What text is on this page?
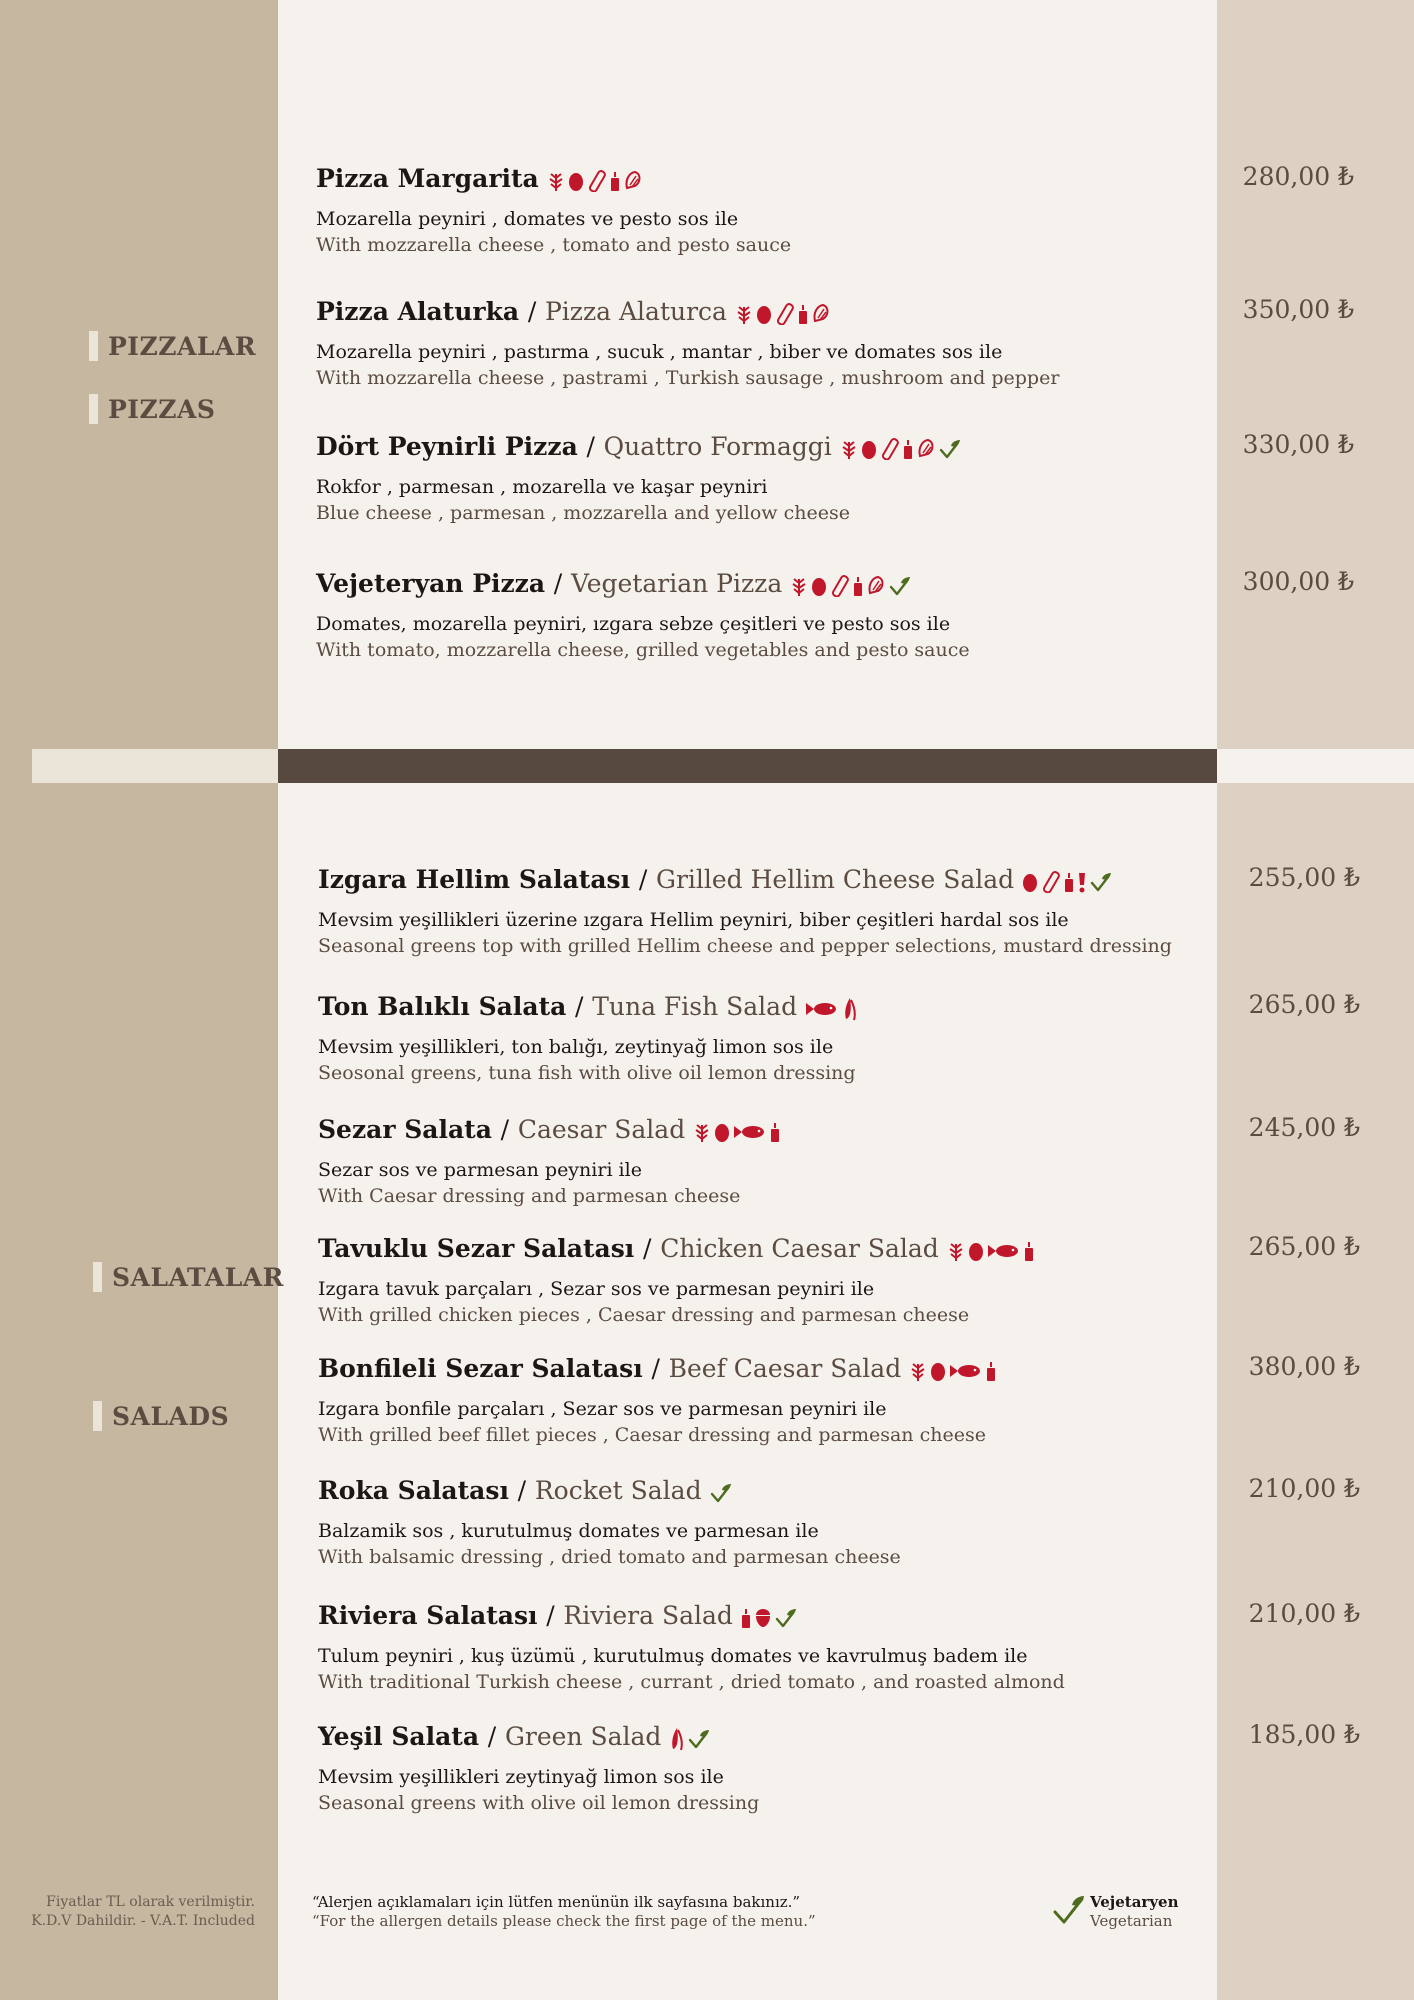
PIZZALAR
PIZZAS
SALATALAR
SALADS
Pizza Margarita
Mozarella peyniri , domates ve pesto sos ile
With mozzarella cheese , tomato and pesto sauce
280,00 ₺
Pizza Alaturka / Pizza Alaturca
Mozarella peyniri , pastırma , sucuk , mantar , biber ve domates sos ile
With mozzarella cheese , pastrami , Turkish sausage , mushroom and pepper
350,00 ₺
Dört Peynirli Pizza / Quattro Formaggi
Rokfor , parmesan , mozarella ve kaşar peyniri
Blue cheese , parmesan , mozzarella and yellow cheese
330,00 ₺
Vejeteryan Pizza / Vegetarian Pizza
Domates, mozarella peyniri, ızgara sebze çeşitleri ve pesto sos ile
With tomato, mozzarella cheese, grilled vegetables and pesto sauce
300,00 ₺
Izgara Hellim Salatası / Grilled Hellim Cheese Salad
Mevsim yeşillikleri üzerine ızgara Hellim peyniri, biber çeşitleri hardal sos ile
Seasonal greens top with grilled Hellim cheese and pepper selections, mustard dressing
255,00 ₺
Ton Balıklı Salata / Tuna Fish Salad
Mevsim yeşillikleri, ton balığı, zeytinyağ limon sos ile
Seosonal greens, tuna fish with olive oil lemon dressing
265,00 ₺
Sezar Salata / Caesar Salad
Sezar sos ve parmesan peyniri ile
With Caesar dressing and parmesan cheese
245,00 ₺
Tavuklu Sezar Salatası / Chicken Caesar Salad
Izgara tavuk parçaları , Sezar sos ve parmesan peyniri ile
With grilled chicken pieces , Caesar dressing and parmesan cheese
265,00 ₺
Bonfileli Sezar Salatası / Beef Caesar Salad
Izgara bonfile parçaları , Sezar sos ve parmesan peyniri ile
With grilled beef fillet pieces , Caesar dressing and parmesan cheese
380,00 ₺
Roka Salatası / Rocket Salad
Balzamik sos , kurutulmuş domates ve parmesan ile
With balsamic dressing , dried tomato and parmesan cheese
210,00 ₺
Riviera Salatası / Riviera Salad
Tulum peyniri , kuş üzümü , kurutulmuş domates ve kavrulmuş badem ile
With traditional Turkish cheese , currant , dried tomato , and roasted almond
210,00 ₺
Yeşil Salata / Green Salad
Mevsim yeşillikleri zeytinyağ limon sos ile
Seasonal greens with olive oil lemon dressing
185,00 ₺
Fiyatlar TL olarak verilmiştir.
K.D.V Dahildir. - V.A.T. Included
“Alerjen açıklamaları için lütfen menünün ilk sayfasına bakınız.”
“For the allergen details please check the first page of the menu.”
Vejetaryen
Vegetarian
